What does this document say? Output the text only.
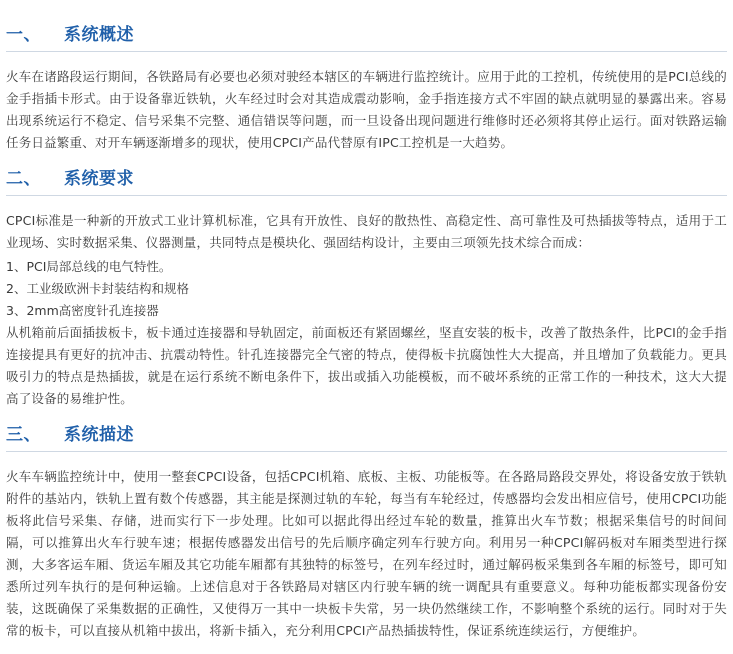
一、	系统概述

火车在诸路段运行期间，各铁路局有必要也必须对驶经本辖区的车辆进行监控统计。应用于此的工控机，传统使用的是PCI总线的金手指插卡形式。由于设备靠近铁轨，火车经过时会对其造成震动影响，金手指连接方式不牢固的缺点就明显的暴露出来。容易出现系统运行不稳定、信号采集不完整、通信错误等问题，而一旦设备出现问题进行维修时还必须将其停止运行。面对铁路运输任务日益繁重、对开车辆逐渐增多的现状，使用CPCI产品代替原有IPC工控机是一大趋势。

二、	系统要求

CPCI标准是一种新的开放式工业计算机标准，它具有开放性、良好的散热性、高稳定性、高可靠性及可热插拔等特点，适用于工业现场、实时数据采集、仪器测量，共同特点是模块化、强固结构设计，主要由三项领先技术综合而成：

1、PCI局部总线的电气特性。
2、工业级欧洲卡封装结构和规格
3、2mm高密度针孔连接器

从机箱前后面插拔板卡，板卡通过连接器和导轨固定，前面板还有紧固螺丝，坚直安装的板卡，改善了散热条件，比PCI的金手指连接提具有更好的抗冲击、抗震动特性。针孔连接器完全气密的特点，使得板卡抗腐蚀性大大提高，并且增加了负载能力。更具吸引力的特点是热插拔，就是在运行系统不断电条件下，拔出或插入功能模板，而不破坏系统的正常工作的一种技术，这大大提高了设备的易维护性。

三、	系统描述

火车车辆监控统计中，使用一整套CPCI设备，包括CPCI机箱、底板、主板、功能板等。在各路局路段交界处，将设备安放于铁轨附件的基站内，铁轨上置有数个传感器，其主能是探测过轨的车轮，每当有车轮经过，传感器均会发出相应信号，使用CPCI功能板将此信号采集、存储，进而实行下一步处理。比如可以据此得出经过车轮的数量，推算出火车节数；根据采集信号的时间间隔，可以推算出火车行驶车速；根据传感器发出信号的先后顺序确定列车行驶方向。利用另一种CPCI解码板对车厢类型进行探测，大多客运车厢、货运车厢及其它功能车厢都有其独特的标签号，在列车经过时，通过解码板采集到各车厢的标签号，即可知悉所过列车执行的是何种运输。上述信息对于各铁路局对辖区内行驶车辆的统一调配具有重要意义。每种功能板都实现备份安装，这既确保了采集数据的正确性，又使得万一其中一块板卡失常，另一块仍然继续工作，不影响整个系统的运行。同时对于失常的板卡，可以直接从机箱中拔出，将新卡插入，充分利用CPCI产品热插拔特性，保证系统连续运行，方便维护。
